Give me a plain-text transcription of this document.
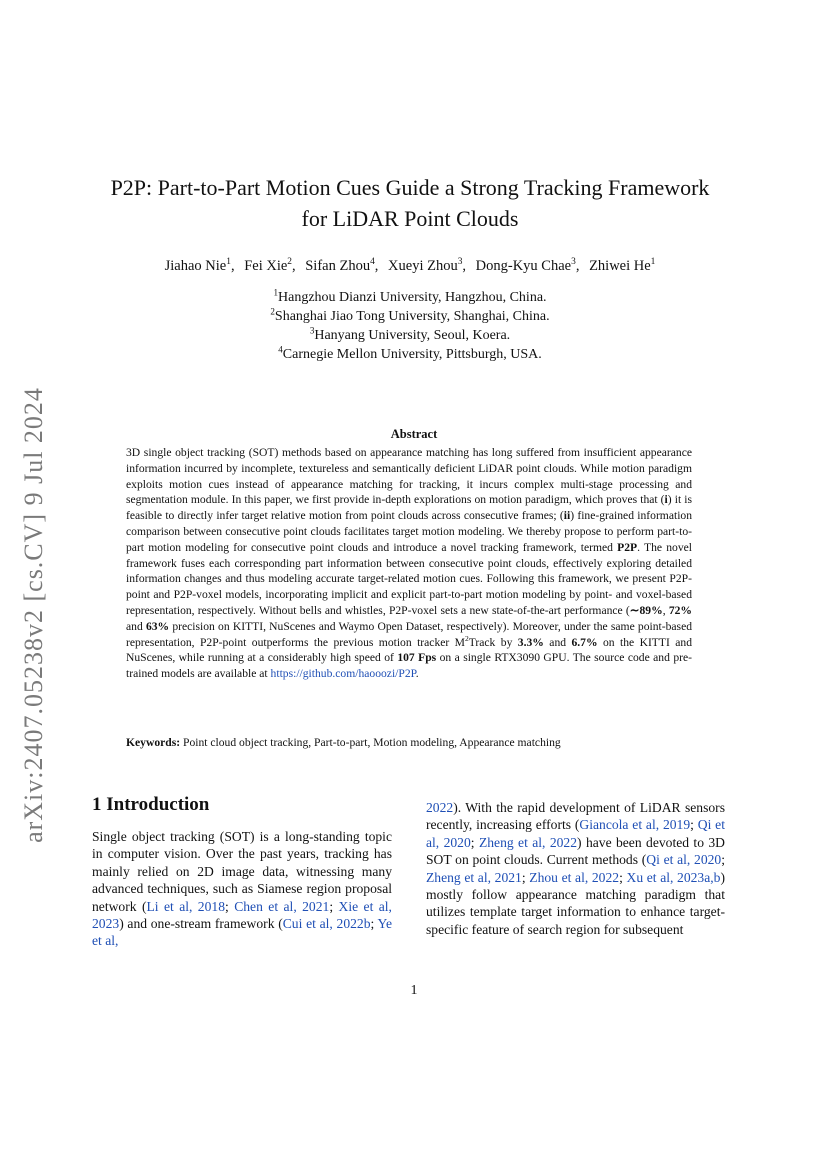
arXiv:2407.05238v2 [cs.CV] 9 Jul 2024
P2P: Part-to-Part Motion Cues Guide a Strong Tracking Framework for LiDAR Point Clouds
Jiahao Nie$^1$, Fei Xie$^2$, Sifan Zhou$^4$, Xueyi Zhou$^3$, Dong-Kyu Chae$^3$, Zhiwei He$^1$
$^1$Hangzhou Dianzi University, Hangzhou, China.
$^2$Shanghai Jiao Tong University, Shanghai, China.
$^3$Hanyang University, Seoul, Koera.
$^4$Carnegie Mellon University, Pittsburgh, USA.
Abstract
3D single object tracking (SOT) methods based on appearance matching has long suffered from insufficient appearance information incurred by incomplete, textureless and semantically deficient LiDAR point clouds. While motion paradigm exploits motion cues instead of appearance matching for tracking, it incurs complex multi-stage processing and segmentation module. In this paper, we first provide in-depth explorations on motion paradigm, which proves that (i) it is feasible to directly infer target relative motion from point clouds across consecutive frames; (ii) fine-grained information comparison between consecutive point clouds facilitates target motion modeling. We thereby propose to perform part-to-part motion modeling for consecutive point clouds and introduce a novel tracking framework, termed P2P. The novel framework fuses each corresponding part information between consecutive point clouds, effectively exploring detailed information changes and thus modeling accurate target-related motion cues. Following this framework, we present P2P-point and P2P-voxel models, incorporating implicit and explicit part-to-part motion modeling by point- and voxel-based representation, respectively. Without bells and whistles, P2P-voxel sets a new state-of-the-art performance (∼89%, 72% and 63% precision on KITTI, NuScenes and Waymo Open Dataset, respectively). Moreover, under the same point-based representation, P2P-point outperforms the previous motion tracker $M^2Track$ by 3.3% and 6.7% on the KITTI and NuScenes, while running at a considerably high speed of 107 Fps on a single RTX3090 GPU. The source code and pre-trained models are available at https://github.com/haooozi/P2P.
Keywords: Point cloud object tracking, Part-to-part, Motion modeling, Appearance matching
1 Introduction
Single object tracking (SOT) is a long-standing topic in computer vision. Over the past years, tracking has mainly relied on 2D image data, witnessing many advanced techniques, such as Siamese region proposal network (Li et al, 2018; Chen et al, 2021; Xie et al, 2023) and one-stream framework (Cui et al, 2022b; Ye et al,
2022). With the rapid development of LiDAR sensors recently, increasing efforts (Giancola et al, 2019; Qi et al, 2020; Zheng et al, 2022) have been devoted to 3D SOT on point clouds. Current methods (Qi et al, 2020; Zheng et al, 2021; Zhou et al, 2022; Xu et al, 2023a,b) mostly follow appearance matching paradigm that utilizes template target information to enhance target-specific feature of search region for subsequent
1
